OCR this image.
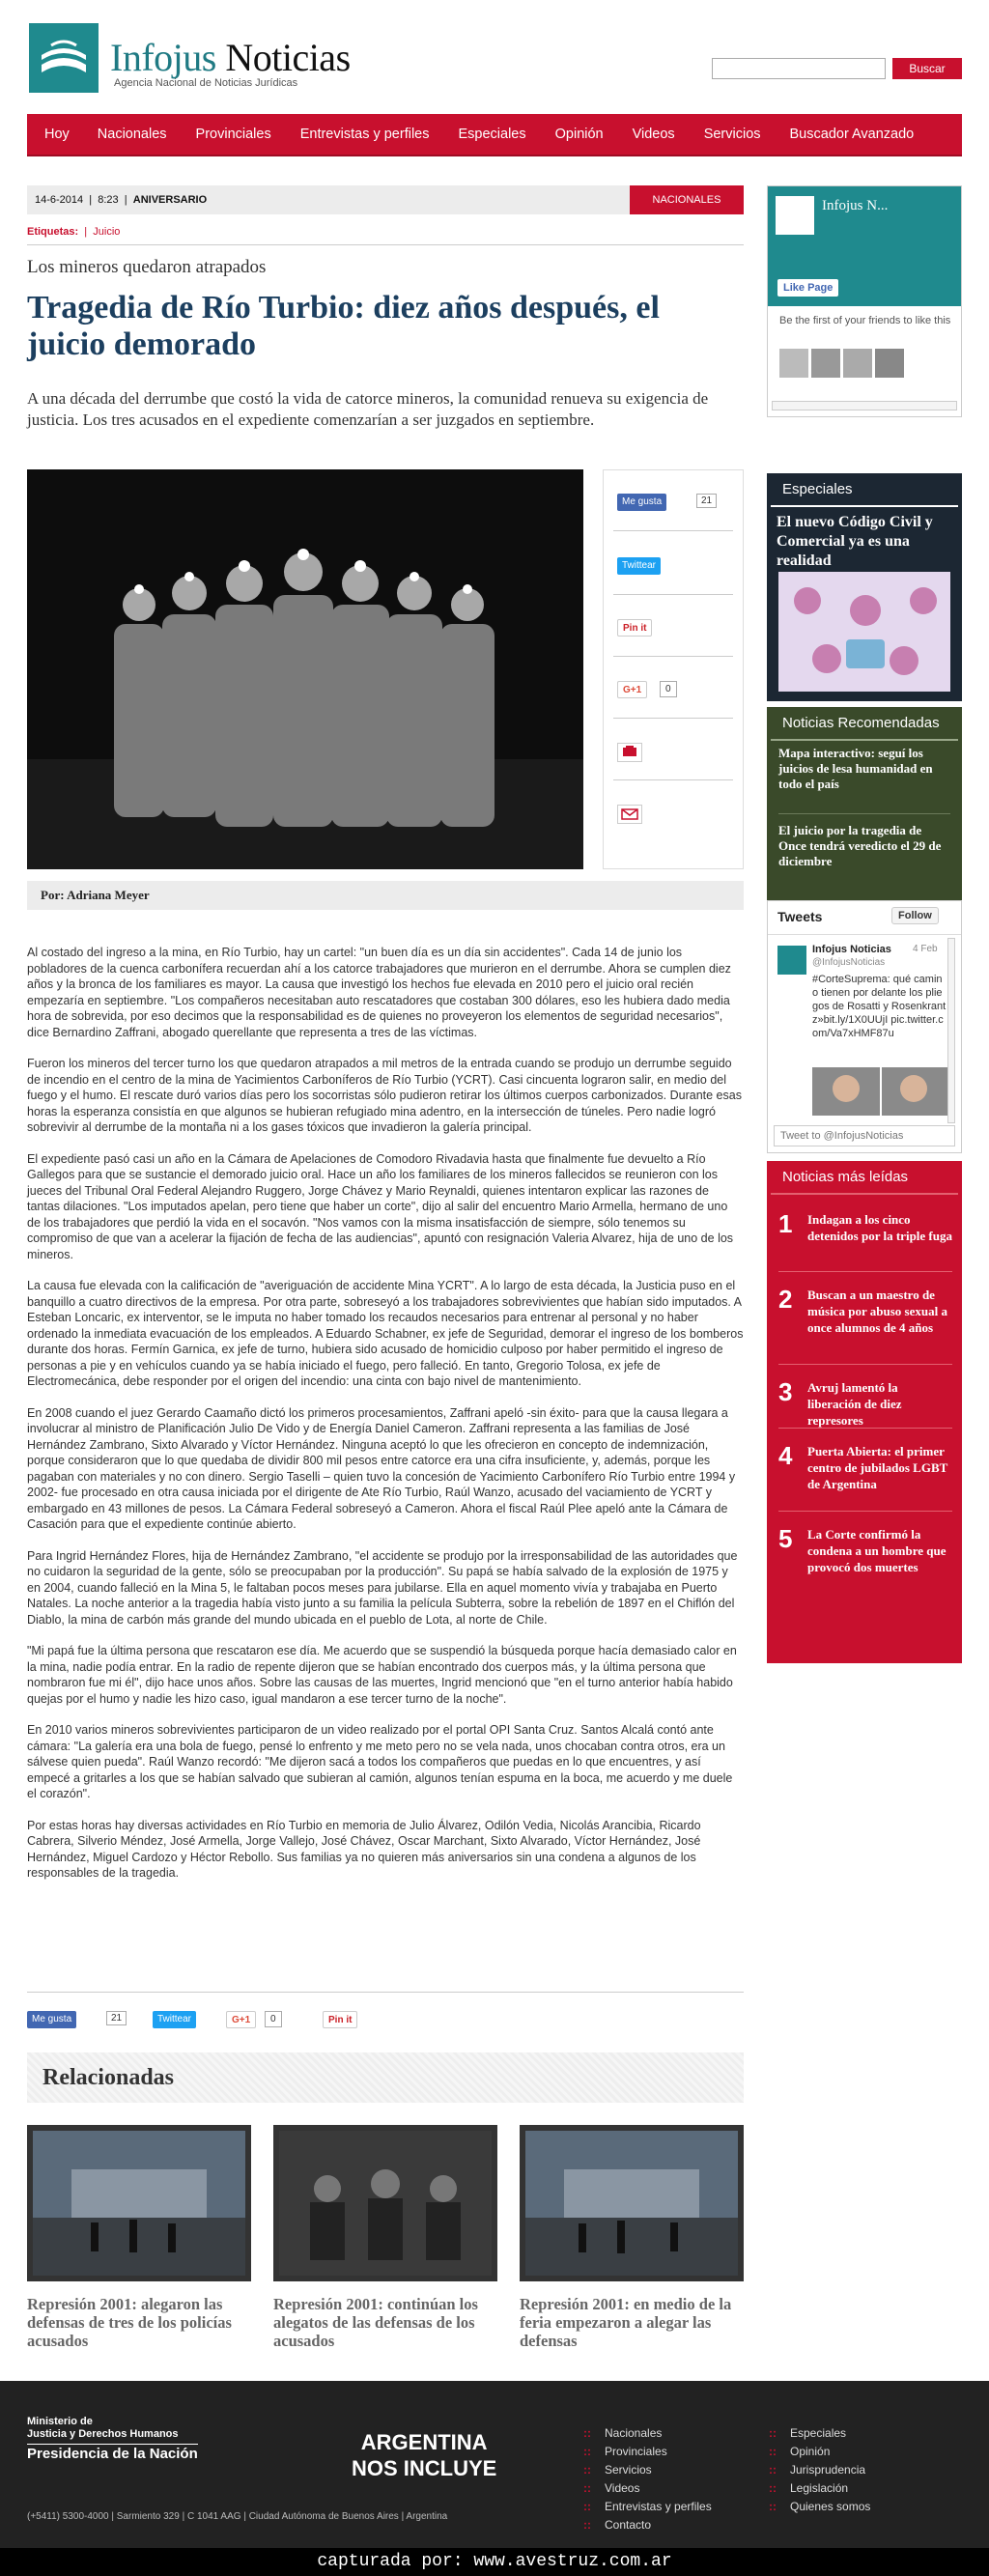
Infojus Noticias
Agencia Nacional de Noticias Jurídicas
Buscar
Hoy	Nacionales	Provinciales	Entrevistas y perfiles	Especiales	Opinión	Videos	Servicios	Buscador Avanzado
14-6-2014  |  8:23  |  ANIVERSARIO	NACIONALES
Etiquetas:  |  Juicio
Los mineros quedaron atrapados
Tragedia de Río Turbio: diez años después, el juicio demorado
A una década del derrumbe que costó la vida de catorce mineros, la comunidad renueva su exigencia de justicia. Los tres acusados en el expediente comenzarían a ser juzgados en septiembre.
Me gusta	21
Twittear
Pin it
G+1	0
Por: Adriana Meyer

Al costado del ingreso a la mina, en Río Turbio, hay un cartel: "un buen día es un día sin accidentes". Cada 14 de junio los pobladores de la cuenca carbonífera recuerdan ahí a los catorce trabajadores que murieron en el derrumbe. Ahora se cumplen diez años y la bronca de los familiares es mayor. La causa que investigó los hechos fue elevada en 2010 pero el juicio oral recién empezaría en septiembre. "Los compañeros necesitaban auto rescatadores que costaban 300 dólares, eso les hubiera dado media hora de sobrevida, por eso decimos que la responsabilidad es de quienes no proveyeron los elementos de seguridad necesarios", dice Bernardino Zaffrani, abogado querellante que representa a tres de las víctimas.

Fueron los mineros del tercer turno los que quedaron atrapados a mil metros de la entrada cuando se produjo un derrumbe seguido de incendio en el centro de la mina de Yacimientos Carboníferos de Río Turbio (YCRT). Casi cincuenta lograron salir, en medio del fuego y el humo. El rescate duró varios días pero los socorristas sólo pudieron retirar los últimos cuerpos carbonizados. Durante esas horas la esperanza consistía en que algunos se hubieran refugiado mina adentro, en la intersección de túneles. Pero nadie logró sobrevivir al derrumbe de la montaña ni a los gases tóxicos que invadieron la galería principal.

El expediente pasó casi un año en la Cámara de Apelaciones de Comodoro Rivadavia hasta que finalmente fue devuelto a Río Gallegos para que se sustancie el demorado juicio oral. Hace un año los familiares de los mineros fallecidos se reunieron con los jueces del Tribunal Oral Federal Alejandro Ruggero, Jorge Chávez y Mario Reynaldi, quienes intentaron explicar las razones de tantas dilaciones. "Los imputados apelan, pero tiene que haber un corte", dijo al salir del encuentro Mario Armella, hermano de uno de los trabajadores que perdió la vida en el socavón. "Nos vamos con la misma insatisfacción de siempre, sólo tenemos su compromiso de que van a acelerar la fijación de fecha de las audiencias", apuntó con resignación Valeria Alvarez, hija de uno de los mineros.

La causa fue elevada con la calificación de "averiguación de accidente Mina YCRT". A lo largo de esta década, la Justicia puso en el banquillo a cuatro directivos de la empresa. Por otra parte, sobreseyó a los trabajadores sobrevivientes que habían sido imputados. A Esteban Loncaric, ex interventor, se le imputa no haber tomado los recaudos necesarios para entrenar al personal y no haber ordenado la inmediata evacuación de los empleados. A Eduardo Schabner, ex jefe de Seguridad, demorar el ingreso de los bomberos durante dos horas. Fermín Garnica, ex jefe de turno, hubiera sido acusado de homicidio culposo por haber permitido el ingreso de personas a pie y en vehículos cuando ya se había iniciado el fuego, pero falleció. En tanto, Gregorio Tolosa, ex jefe de Electromecánica, debe responder por el origen del incendio: una cinta con bajo nivel de mantenimiento.

En 2008 cuando el juez Gerardo Caamaño dictó los primeros procesamientos, Zaffrani apeló -sin éxito- para que la causa llegara a involucrar al ministro de Planificación Julio De Vido y de Energía Daniel Cameron. Zaffrani representa a las familias de José Hernández Zambrano, Sixto Alvarado y Víctor Hernández. Ninguna aceptó lo que les ofrecieron en concepto de indemnización, porque consideraron que lo que quedaba de dividir 800 mil pesos entre catorce era una cifra insuficiente, y, además, porque les pagaban con materiales y no con dinero. Sergio Taselli – quien tuvo la concesión de Yacimiento Carbonífero Río Turbio entre 1994 y 2002- fue procesado en otra causa iniciada por el dirigente de Ate Río Turbio, Raúl Wanzo, acusado del vaciamiento de YCRT y embargado en 43 millones de pesos. La Cámara Federal sobreseyó a Cameron. Ahora el fiscal Raúl Plee apeló ante la Cámara de Casación para que el expediente continúe abierto.

Para Ingrid Hernández Flores, hija de Hernández Zambrano, "el accidente se produjo por la irresponsabilidad de las autoridades que no cuidaron la seguridad de la gente, sólo se preocupaban por la producción". Su papá se había salvado de la explosión de 1975 y en 2004, cuando falleció en la Mina 5, le faltaban pocos meses para jubilarse. Ella en aquel momento vivía y trabajaba en Puerto Natales. La noche anterior a la tragedia había visto junto a su familia la película Subterra, sobre la rebelión de 1897 en el Chiflón del Diablo, la mina de carbón más grande del mundo ubicada en el pueblo de Lota, al norte de Chile.

"Mi papá fue la última persona que rescataron ese día. Me acuerdo que se suspendió la búsqueda porque hacía demasiado calor en la mina, nadie podía entrar. En la radio de repente dijeron que se habían encontrado dos cuerpos más, y la última persona que nombraron fue mi él", dijo hace unos años. Sobre las causas de las muertes, Ingrid mencionó que "en el turno anterior había habido quejas por el humo y nadie les hizo caso, igual mandaron a ese tercer turno de la noche".

En 2010 varios mineros sobrevivientes participaron de un video realizado por el portal OPI Santa Cruz. Santos Alcalá contó ante cámara: "La galería era una bola de fuego, pensé lo enfrento y me meto pero no se vela nada, unos chocaban contra otros, era un sálvese quien pueda". Raúl Wanzo recordó: "Me dijeron sacá a todos los compañeros que puedas en lo que encuentres, y así empecé a gritarles a los que se habían salvado que subieran al camión, algunos tenían espuma en la boca, me acuerdo y me duele el corazón".

Por estas horas hay diversas actividades en Río Turbio en memoria de Julio Álvarez, Odilón Vedia, Nicolás Arancibia, Ricardo Cabrera, Silverio Méndez, José Armella, Jorge Vallejo, José Chávez, Oscar Marchant, Sixto Alvarado, Víctor Hernández, José Hernández, Miguel Cardozo y Héctor Rebollo. Sus familias ya no quieren más aniversarios sin una condena a algunos de los responsables de la tragedia.

Me gusta	21	Twittear	G+1	0	Pin it
Relacionadas
Represión 2001: alegaron las defensas de tres de los policías acusados
Represión 2001: continúan los alegatos de las defensas de los acusados
Represión 2001: en medio de la feria empezaron a alegar las defensas
Infojus N...
Like Page
Be the first of your friends to like this
Especiales
El nuevo Código Civil y Comercial ya es una realidad
Noticias Recomendadas
Mapa interactivo: seguí los juicios de lesa humanidad en todo el país
El juicio por la tragedia de Once tendrá veredicto el 29 de diciembre
Tweets	Follow
Infojus Noticias 4 Feb
@InfojusNoticias
#CorteSuprema: qué camino tienen por delante los pliegos de Rosatti y Rosenkrantz»bit.ly/1X0UUjI pic.twitter.com/Va7xHMF87u
Tweet to @InfojusNoticias
Noticias más leídas
1 Indagan a los cinco detenidos por la triple fuga
2 Buscan a un maestro de música por abuso sexual a once alumnos de 4 años
3 Avruj lamentó la liberación de diez represores
4 Puerta Abierta: el primer centro de jubilados LGBT de Argentina
5 La Corte confirmó la condena a un hombre que provocó dos muertes
Ministerio de
Justicia y Derechos Humanos
Presidencia de la Nación	ARGENTINA
NOS INCLUYE
(+5411) 5300-4000 | Sarmiento 329 | C 1041 AAG | Ciudad Autónoma de Buenos Aires | Argentina
capturada por: www.avestruz.com.ar
:: Nacionales
:: Provinciales
:: Servicios
:: Videos
:: Entrevistas y perfiles
:: Contacto
:: Especiales
:: Opinión
:: Jurisprudencia
:: Legislación
:: Quienes somos
